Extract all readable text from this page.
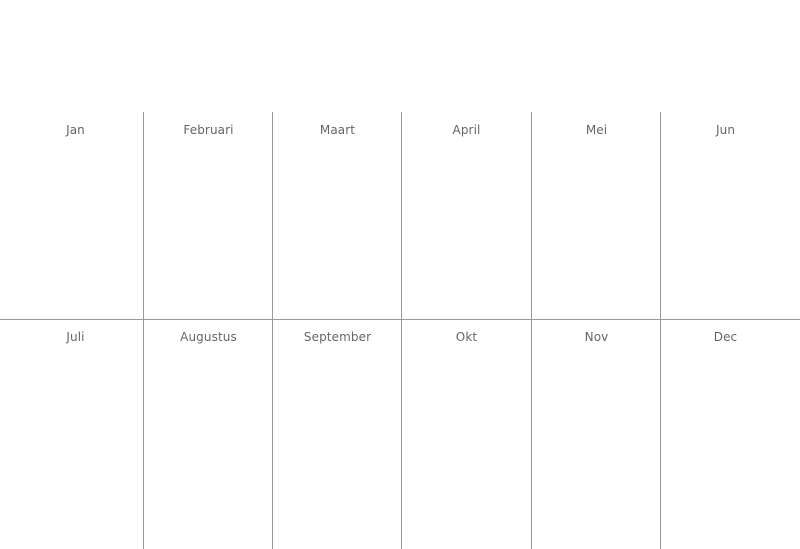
Jan	Februari	Maart	April	Mei	Jun
Juli	Augustus	September	Okt	Nov	Dec
